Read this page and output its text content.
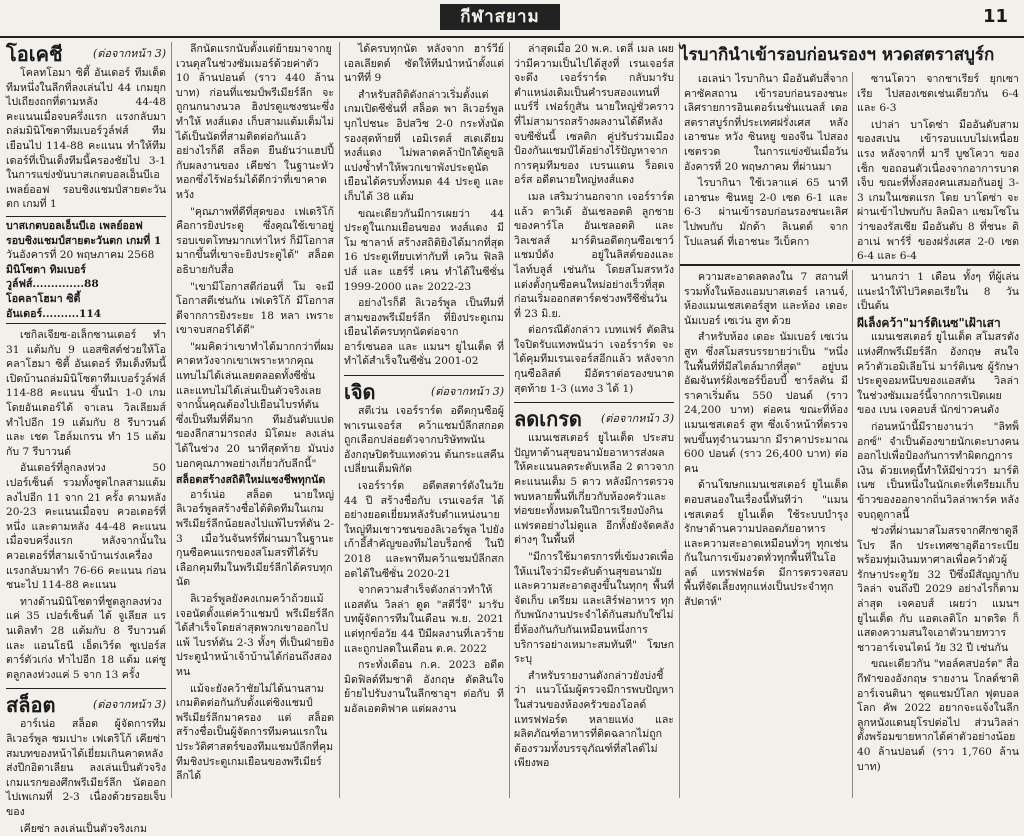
กีฬาสยาม	11
โอเคชี	(ต่อจากหน้า 3)

โคลทโอมา ซิตี้ อันเดอร์ ทีมเด็ดทีมหนึ่งในลีกที่ลงเล่นไป 44 เกมยุกไปเถียงถกที่ตามหลัง 44-48 คะแนนเมื่อจบครึ่งแรก แรงกลับมาถล่มมินิโซตาทีมเบอร์วูล์ฟส์ ทีมเยือนไป 114-88 คะแนน ทำให้ทีมเดอร์ที่เป็นเด็งทีมนี้ครองชัยไป 3-1 ในการแข่งขันบาสเกตบอลเอ็นบีเอ เพลย์ออฟ รอบชิงแชมป์สายตะวันตก เกมที่ 1

บาสเกตบอลเอ็นบีเอ เพลย์ออฟ
รอบชิงแชมป์สายตะวันตก เกมที่ 1
วันอังคารที่ 20 พฤษภาคม 2568
มินิโซตา ทิมเบอร์วูล์ฟส์..............88
โอคลาโฮมา ซิตี้ อันเดอร์..........114

เชกิลเจียซ-อเล็กซานเดอร์ ทำ 31 แต้มกับ 9 แอสซิสต์ช่วยให้โอคลาโฮมา ซิตี้ อันเดอร์ ทีมเด็งทีมนี้ เปิดบ้านถล่มมินิโซตาทีมเบอร์วูล์ฟส์ 114-88 คะแนน ขึ้นนำ 1-0 เกม โดยอันเดอร์ได้ จาเลน วิลเลียมส์ ทำไปอีก 19 แต้มกับ 8 รีบาวนด์ และ เชต โฮล์มเกรน ทำ 15 แต้มกับ 7 รีบาวนด์

อันเดอร์ที่ลูกลงห่วง 50 เปอร์เซ็นต์ รวมทั้งชูตไกลสามแต้มลงไปอีก 11 จาก 21 ครั้ง ตามหลัง 20-23 คะแนนเมื่อจบ ควอเตอร์ที่หนึ่ง และตามหลัง 44-48 คะแนนเมื่อจบครึ่งแรก หลังจากนั้นในควอเตอร์ที่สามเจ้าบ้านเร่งเครื่องแรงกลับมาทำ 76-66 คะแนน ก่อนชนะไป 114-88 คะแนน

ทางด้านมินิโซตาที่ชูตลูกลงห่วงแค่ 35 เปอร์เซ็นต์ ได้ จูเลียส แรนเดิลทำ 28 แต้มกับ 8 รีบาวนด์ และ แอนโธนี เอ็ดเวิร์ด ซูเปอร์สตาร์ตัวเก่ง ทำไปอีก 18 แต้ม แต่ชูตลูกลงห่วงแค่ 5 จาก 13 ครั้ง

สล็อต	(ต่อจากหน้า 3)

อาร์เน่อ สล็อต ผู้จัดการทีมลิเวอร์พูล ชมเปาะ เฟเดริโก้ เคียซ่า สมบทของหน้าได้เยี่ยมเกินคาดหลังส่งปีกอิตาเลียน ลงเล่นเป็นตัวจริงเกมแรกของศึกพรีเมียร์ลีก นัดออกไปเพเกมที่ 2-3 เนื่องด้วยรอยเจ็บของ

เคียซ่า ลงเล่นเป็นตัวจริงเกม

ลีกนัดแรกนับตั้งแต่ย้ายมาจากยูเวนตุสในช่วงซัมเมอร์ด้วยค่าตัว 10 ล้านปอนด์ (ราว 440 ล้านบาท) ก่อนที่แชมป์พรีเมียร์ลีก จะถูกนกนางนวล ฮิงปรตูแซงชนะซึ่งทำให้ หงส์แดง เก็บสามแต้มเต็มไม่ได้เป็นนัดที่สามติดต่อกันแล้ว อย่างไรก็ดี สล็อต ยืนยันว่าแฮปปี้กับผลงานของ เคียซ่า ในฐานะหัวหอกซึ่งไร้ฟอร์มได้ดีกว่าที่เขาคาดหวัง

"คุณภาพที่ดีที่สุดของ เฟเดริโก้ คือการยิงประตู ซึ่งคุณใช้เขาอยู่รอบเขตโทษมากเท่าไหร่ ก็มีโอกาสมากขึ้นที่เขาจะยิงประตูได้" สล็อต อธิบายกับสื่อ

"เขามีโอกาสดีก่อนที่ โม จะมีโอกาสดีเช่นกัน เฟเดริโก้ มีโอกาสดีจากการยิงระยะ 18 หลา เพราะเขาจบสกอร์ได้ดี"

"ผมคิดว่าเขาทำได้มากกว่าที่ผมคาดหวังจากเขาเพราะหากคุณแทบไม่ได้เล่นเลยตลอดทั้งซีซั่น และแทบไม่ได้เล่นเป็นตัวจริงเลย จากนั้นคุณต้องไปเยือนไบรท์ตัน ซึ่งเป็นทีมที่ดีมาก ทีมอันดับแปดของลีกสามารถส่ง มิโตมะ ลงเล่นได้ในช่วง 20 นาทีสุดท้าย มันบ่งบอกคุณภาพอย่างเกี่ยวกับลีกนี้"

สล็อตสร้างสถิติใหม่แซงชีพทุกนัด

อาร์เน่อ สล็อต นายใหญ่ลิเวอร์พูลสร้างชื่อได้ติดทีมในเกมพรีเมียร์ลีกน้อยลงไปแพ้ไบรท์ตัน 2-3 เมื่อวันจันทร์ที่ผ่านมาในฐานะกุนซือคนแรกของสโมสรที่ได้รับเลือกคุมทีมในพรีเมียร์ลีกได้ครบทุกนัด

ลิเวอร์พูลยังคงเกมคว้าถ้วยแม้เจอนัดตั้งแต่คว้าแชมป์ พรีเมียร์ลีก ได้สำเร็จโดยล่าสุดพวกเขาออกไปแพ้ ไบรท์ตัน 2-3 ทั้งๆ ที่เป็นฝ่ายยิงประตูนำหน้าเจ้าบ้านได้ก่อนถึงสองหน

แม้จะยังคว้าชัยไม่ได้นานสามเกมติดต่อกันกับตั้งแต่ชิงแชมป์พรีเมียร์ลีกมาครอง แต่ สล็อต สร้างชื่อเป็นผู้จัดการทีมคนแรกในประวัติศาสตร์ของทีมแชมป์ลีกที่คุมทีมชิงประตูเกมเยือนของพรีเมียร์ลีกได้

ได้ครบทุกนัด หลังจาก ฮาร์วีย์ เอลเลียตต์ ซัดให้ทีมนำหน้าตั้งแต่นาทีที่ 9

สำหรับสถิติดังกล่าวเริ่มตั้งแต่เกมเปิดซีซั่นที่ สล็อต พา ลิเวอร์พูล บุกไปชนะ อิปสวิช 2-0 กระทั่งนัดรองสุดท้ายที่ เอมิเรตส์ สเตเดียม หงส์แดง ไม่พลาดคล้าปักใต้ดูขลิแปงซ้ำทำให้พวกเขาพังประตูนัดเยือนได้ครบทั้งหมด 44 ประตู และเก็บได้ 38 แต้ม

ขณะเดียวกันมีการเผยว่า 44 ประตูในเกมเยือนของ หงส์แดง มี โม ซาลาห์ สร้างสถิติยิงได้มากที่สุด 16 ประตูเทียบเท่ากับที่ เควิน ฟิลลิปส์ และ แฮร์รี่ เคน ทำได้ในซีซั่น 1999-2000 และ 2022-23

อย่างไรก็ดี ลิเวอร์พูล เป็นทีมที่สามของพรีเมียร์ลีก ที่ยิงประตูเกมเยือนได้ครบทุกนัดต่อจากอาร์เซนอล และ แมนฯ ยูไนเต็ด ที่ทำได้สำเร็จในซีซั่น 2001-02

เจิด	(ต่อจากหน้า 3)

สตีเว่น เจอร์ราร์ด อดีตกุนซือผู้พาเรนเจอร์ส คว้าแชมป์ลีกสกอต ถูกเลือกปล่อยตัวจากบริษัทพนันอังกฤษปิดรับแทงด่วน ต้นกระแสคืนเปลี่ยนเต็มพิกัด

เจอร์ราร์ด อดีตสตาร์ดังในวัย 44 ปี สร้างชื่อกับ เรนเจอร์ส ได้อย่างยอดเยี่ยมหลังรับตำแหน่งนายใหญ่ทีมเชาวชนของลิเวอร์พูล ไปยังเก้าอี้สำคัญของทีมไอบร็อกซ์ ในปี 2018 และพาทีมคว้าแชมป์ลีกสกอตได้ในซีซั่น 2020-21

จากความสำเร็จดังกล่าวทำให้แอสตัน วิลล่า ดูด "สตีวี่จี" มารับบทผู้จัดการทีมในเดือน พ.ย. 2021 แต่ทุกข์อวัย 44 ปีมีผลงานที่เลวร้าย และถูกปลดในเดือน ต.ค. 2022

กระทั่งเดือน ก.ค. 2023 อดีตมิดฟิลด์ทีมชาติ อังกฤษ ตัดสินใจย้ายไปรับงานในลีกซาอุฯ ต่อกับ ทีมอัลเอตติฟาค แต่ผลงาน

ล่าสุดเมื่อ 20 พ.ค. เดลี่ เมล เผยว่ามีความเป็นไปได้สูงที่ เรนเจอร์สจะดึง เจอร์ราร์ด กลับมารับตำแหน่งเดิมเป็นคำรบสองแทนที่ แบร์รี่ เฟอร์กูสัน นายใหญ่ชั่วคราวที่ไม่สามารถสร้างผลงานได้ดีหลังจบซีซั่นนี้ เซลติก คู่ปรับร่วมเมืองป้องกันแชมป์ได้อย่างไร้ปัญหาจากการคุมทีมของ เบรนแดน ร็อดเจอร์ส อดีตนายใหญ่หงส์แดง

เมล เสริมว่านอกจาก เจอร์ราร์ด แล้ว ดาวิเด้ อันเชลอตติ ลูกชายของคาร์โล อันเชลอตติ และ วิลเชลส์ มาร์ตินอดีตกุนซือเชาว์แชมป์ดัง อยู่ในลิสต์ของและ ไลท์บลูส์ เช่นกัน โดยสโมสรหวังแต่งตั้งกุนซือคนใหม่อย่างเร็วที่สุดก่อนเริ่มออกสตาร์ตช่วงพรีซีซั่นวันที่ 23 มิ.ย.

ต่อกรณีดังกล่าว เบทแฟร์ ตัดสินใจปิดรับแทงพนันว่า เจอร์ราร์ด จะได้คุมทีมเรนเจอร์สอีกแล้ว หลังจากกุนซือลิสต์ มีอัตราต่อรองขนาดสุดท้าย 1-3 (แทง 3 ได้ 1)

ลดเกรด (ต่อจากหน้า 3)

แมนเชสเตอร์ ยูไนเต็ด ประสบปัญหาด้านสุขอนามัยอาหารส่งผลให้คะแนนลดระดับเหลือ 2 ดาวจากคะแนนเต็ม 5 ดาว หลังมีการตรวจพบหลายพื้นที่เกี่ยวกับห้องครัวและท่อขยะทั้งหมดในปีการเรียงบังกิน แฟรตอย่างไม่ดูแล อีกทั้งยังจัดคลังต่างๆ ในพื้นที่

"มีการใช้มาตรการที่เข้มงวดเพื่อให้แน่ใจว่ามีระดับด้านสุขอนามัย และความสะอาดสูงขึ้นในทุกๆ พื้นที่จัดเก็บ เตรียม และเสิร์ฟอาหาร ทุกกับพนักงานประจำได้กันสมกับใช่ไม่ยี่ห้องกันกับกันเหมือนหนึ่งการบริการอย่างเหมาะสมทันที" โฆษก ระบุ

สำหรับรายงานดังกล่าวยังบ่งชี้ว่า แนวโน้มผู้ตรวจมีการพบปัญหาในส่วนของห้องครัวของโอลด์ แทรฟฟอร์ด หลายแห่ง และผลิตภัณฑ์อาหารที่ติดฉลากไม่ถูกต้องรวมทั้งบรรจุภัณฑ์ที่สไลด์ไม่เพียงพอ

ไรบากินำเข้ารอบก่อนรองฯ หวดสตราสบูร์ก

เอเลน่า ไรบากินา มืออันดับสี่จากคาซัคสถาน เข้ารอบก่อนรองชนะเลิศรายการอินเตอร์เนชั่นแนลส์ เดอ สตราสบูร์กที่ประเทศฝรั่งเศส หลังเอาชนะ หวัง ซินหยู ของจีน ไปสองเซตรวด ในการแข่งขันเมื่อวันอังคารที่ 20 พฤษภาคม ที่ผ่านมา

ไรบากินา ใช้เวลาแค่ 65 นาที เอาชนะ ซินหยู 2-0 เซต 6-1 และ 6-3 ผ่านเข้ารอบก่อนรองชนะเลิศ ไปพบกับ มักด้า ลิเนตต์ จากโปแลนด์ ที่เอาชนะ วีเบ็คกา

ซานโดวา จากชาเรียร์ ยุกเซาเรีย ไปสองเซตเช่นเดียวกัน 6-4 และ 6-3

เปาล่า บาโดซ่า มืออันดับสามของสเปน เข้ารอบแบบไม่เหนื่อยแรง หลังจากที่ มารี บูซโควา ของเช็ก ขอถอนตัวเนื่องจากอาการบาดเจ็บ ขณะที่ทั้งสองคนเสมอกันอยู่ 3-3 เกมในเซตแรก โดย บาโดซ่า จะผ่านเข้าไปพบกับ ลิลมิลา แซมโซโนว่าของรัสเซีย มืออันดับ 8 ที่ชนะ ดิอาเน่ พาร์รี่ ของฝรั่งเศส 2-0 เซต 6-4 และ 6-4

ความสะอาดลดลงใน 7 สถานที่ รวมทั้งในห้องแอมบาสเดอร์ เลานจ์, ห้องแมนเชสเตอร์สูท และห้อง เดอะ นัมเบอร์ เซเว่น สูท ด้วย

สำหรับห้อง เดอะ นัมเบอร์ เซเว่น สูท ซึ่งสโมสรบรรยายว่าเป็น "หนึ่งในพื้นที่ที่มีสไตล์มากที่สุด" อยู่บนอัฒจันทร์ฝั่งเซอร์บ็อบบี้ ชาร์ลตัน มีราคาเริ่มต้น 550 ปอนด์ (ราว 24,200 บาท) ต่อคน ขณะที่ห้อง แมนเชสเตอร์ สูท ซึ่งเจ้าหน้าที่ตรวจพบขึ้นทุจำนวนมาก มีราคาประมาณ 600 ปอนด์ (ราว 26,400 บาท) ต่อคน

ด้านโฆษกแมนเชสเตอร์ ยูไนเต็ด ตอบสนองในเรื่องนี้ทันทีว่า "แมนเชสเตอร์ ยูไนเต็ด ใช้ระบบบำรุงรักษาด้านความปลอดภัยอาหาร และความสะอาดเหมือนทั่วๆ ทุกเช่นกันในการเข้มงวดทั่วทุกพื้นที่ในโอลด์ แทรฟฟอร์ด มีการตรวจสอบพื้นที่จัดเลี้ยงทุกแห่งเป็นประจำทุกสัปดาห์"

นานกว่า 1 เดือน ทั้งๆ ที่ผู้เล่นแนะนำให้ไปวิคตอเรียใน 8 วัน เป็นต้น

ผีเล็งคว้า"มาร์ติเนซ"เฝ้าเสา

แมนเชสเตอร์ ยูไนเต็ด สโมสรดังแห่งศึกพรีเมียร์ลีก อังกฤษ สนใจคว้าตัวเอมิเลียโน่ มาร์ติเนซ ผู้รักษาประตูจอมหนึบของแอสตัน วิลล่า ในช่วงซัมเมอร์นี้จากการเปิดเผยของ เบน เจคอบส์ นักข่าวคนดัง

ก่อนหน้านี้มีรายงานว่า "ลิทพ็อกซ์" จำเป็นต้องขายนักเตะบางคนออกไปเพื่อป้องกันการทำผิดกฎการเงิน ด้วยเหตุนี้ทำให้มีข่าวว่า มาร์ติเนซ เป็นหนึ่งในนักเตะที่เตรียมเก็บข้าวของออกจากถิ่นวิลล่าพาร์ค หลังจบฤดูกาลนี้

ช่วงที่ผ่านมาสโมสรจากศึกชาดูลีโปร ลีก ประเทศซาอุดีอาระเบีย พร้อมทุ่มเงินมหาศาลเพื่อคว้าตัวผู้รักษาประตูวัย 32 ปีซึ่งมีสัญญากับวิลล่า จนถึงปี 2029 อย่างไรก็ตาม ล่าสุด เจคอบส์ เผยว่า แมนฯ ยูไนเต็ด กับ แอตเลติโก มาดริด ก็แสดงความสนใจเอาตัวนายทวารชาวอาร์เจนไตน์ วัย 32 ปี เช่นกัน

ขณะเดียวกัน "ทอล์คสปอร์ต" สื่อกีฬาของอังกฤษ รายงาน โกลด์ชาติอาร์เจนตินา ชุดแชมป์โลก ฟุตบอลโลก คัพ 2022 อยากจะแจ้งในลีกลูกหนังแดนยุโรปต่อไป ส่วนวิลล่าตั้งพร้อมขายหากได้ค่าตัวอย่างน้อย 40 ล้านปอนด์ (ราว 1,760 ล้านบาท)
